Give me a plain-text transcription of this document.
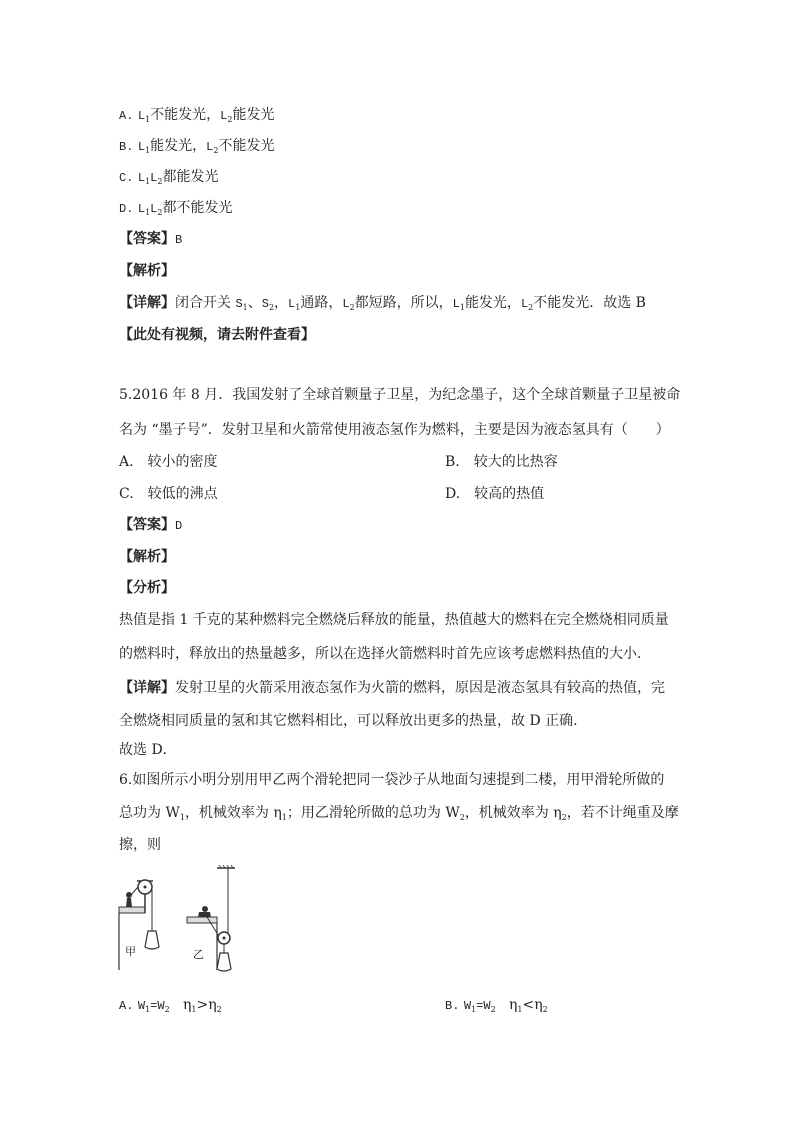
A. $L_1$不能发光，$L_2$能发光
B. $L_1$能发光，$L_2$不能发光
C. $L_1L_2$都能发光
D. $L_1L_2$都不能发光
【答案】B
【解析】
【详解】闭合开关 $S_1$、$S_2$，$L_1$通路，$L_2$都短路，所以，$L_1$能发光，$L_2$不能发光．故选 B
【此处有视频，请去附件查看】
5.2016 年 8 月．我国发射了全球首颗量子卫星，为纪念墨子，这个全球首颗量子卫星被命
名为 “墨子号”．发射卫星和火箭常使用液态氢作为燃料，主要是因为液态氢具有（　　）
A.　较小的密度	B.　较大的比热容
C.　较低的沸点	D.　较高的热值
【答案】D
【解析】
【分析】
热值是指 1 千克的某种燃料完全燃烧后释放的能量，热值越大的燃料在完全燃烧相同质量
的燃料时，释放出的热量越多，所以在选择火箭燃料时首先应该考虑燃料热值的大小．
【详解】发射卫星的火箭采用液态氢作为火箭的燃料，原因是液态氢具有较高的热值，完
全燃烧相同质量的氢和其它燃料相比，可以释放出更多的热量，故 D 正确．
故选 D．
6.如图所示小明分别用甲乙两个滑轮把同一袋沙子从地面匀速提到二楼，用甲滑轮所做的
总功为 $W_1$，机械效率为 $\eta_1$；用乙滑轮所做的总功为 $W_2$，机械效率为 $\eta_2$，若不计绳重及摩
擦，则
甲	乙
A. $W_1=W_2$ $\eta_1>\eta_2$	B. $W_1=W_2$ $\eta_1<\eta_2$
